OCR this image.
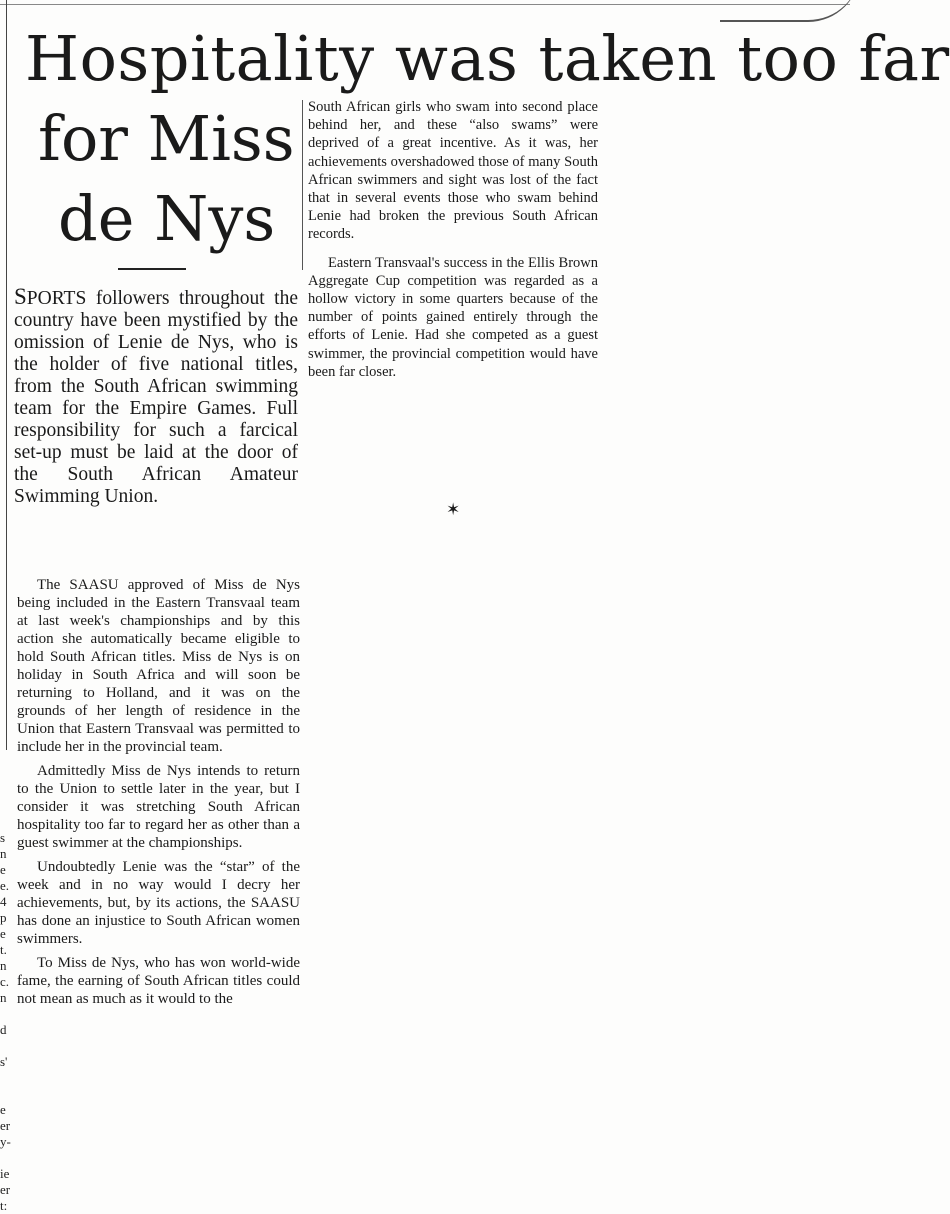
Hospitality was taken too far
for Miss
de Nys

SPORTS followers throughout the country have been mystified by the omission of Lenie de Nys, who is the holder of five national titles, from the South African swimming team for the Empire Games. Full responsibility for such a farcical set-up must be laid at the door of the South African Amateur Swimming Union.

The SAASU approved of Miss de Nys being included in the Eastern Transvaal team at last week's championships and by this action she automatically became eligible to hold South African titles. Miss de Nys is on holiday in South Africa and will soon be returning to Holland, and it was on the grounds of her length of residence in the Union that Eastern Transvaal was permitted to include her in the provincial team.

Admittedly Miss de Nys intends to return to the Union to settle later in the year, but I consider it was stretching South African hospitality too far to regard her as other than a guest swimmer at the championships.

Undoubtedly Lenie was the “star” of the week and in no way would I decry her achievements, but, by its actions, the SAASU has done an injustice to South African women swimmers.

To Miss de Nys, who has won world-wide fame, the earning of South African titles could not mean as much as it would to the

South African girls who swam into second place behind her, and these “also swams” were deprived of a great incentive. As it was, her achievements overshadowed those of many South African swimmers and sight was lost of the fact that in several events those who swam behind Lenie had broken the previous South African records.

Eastern Transvaal's success in the Ellis Brown Aggregate Cup competition was regarded as a hollow victory in some quarters because of the number of points gained entirely through the efforts of Lenie. Had she competed as a guest swimmer, the provincial competition would have been far closer.

✶
s
n
e
e.
4
p
e
t.
n
c.
n
d
s'
e
er
y-
ie
er
t:
